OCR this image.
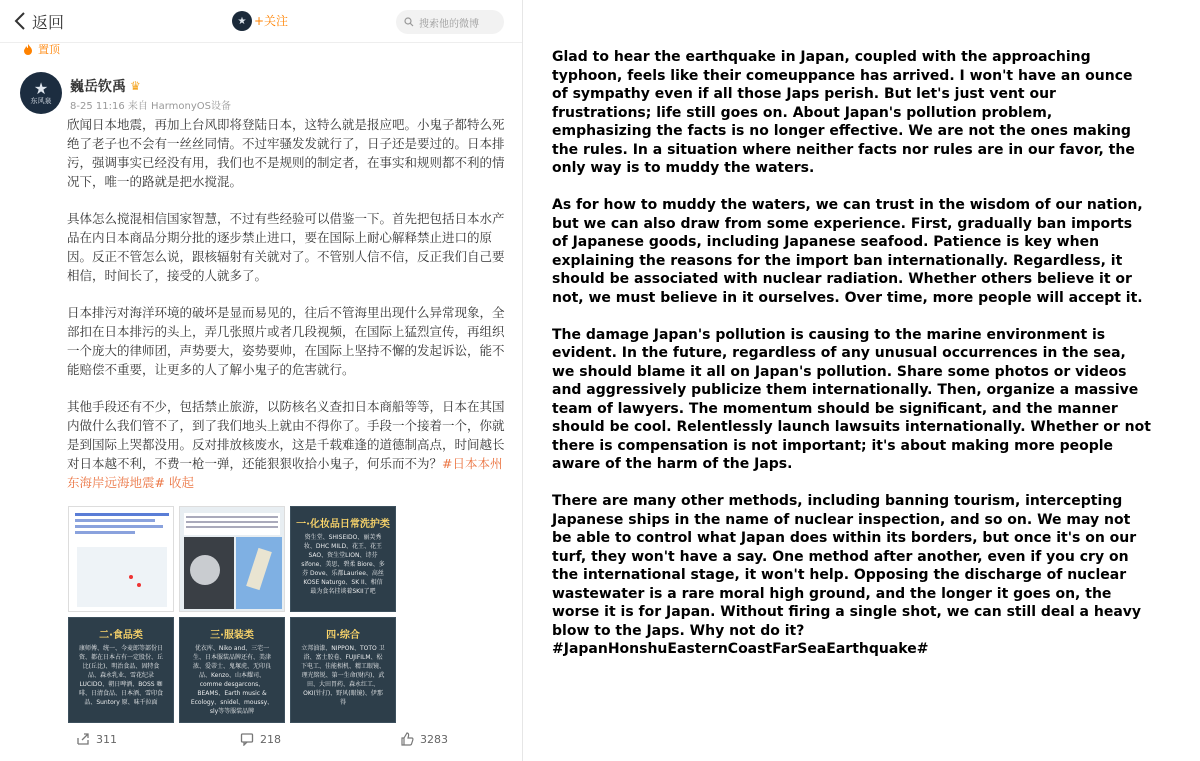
返回	★ +关注	搜索他的微博
置顶
★
东风泉
巍岳钦禹 ♛
8-25 11:16 来自 HarmonyOS设备

欣闻日本地震，再加上台风即将登陆日本，这特么就是报应吧。小鬼子都特么死绝了老子也不会有一丝丝同情。不过牢骚发发就行了，日子还是要过的。日本排污，强调事实已经没有用，我们也不是规则的制定者，在事实和规则都不利的情况下，唯一的路就是把水搅混。

具体怎么搅混相信国家智慧，不过有些经验可以借鉴一下。首先把包括日本水产品在内日本商品分期分批的逐步禁止进口，要在国际上耐心解释禁止进口的原因。反正不管怎么说，跟核辐射有关就对了。不管别人信不信，反正我们自己要相信，时间长了，接受的人就多了。

日本排污对海洋环境的破坏是显而易见的，往后不管海里出现什么异常现象，全部扣在日本排污的头上，弄几张照片或者几段视频，在国际上猛烈宣传，再组织一个庞大的律师团，声势要大，姿势要帅，在国际上坚持不懈的发起诉讼，能不能赔偿不重要，让更多的人了解小鬼子的危害就行。

其他手段还有不少，包括禁止旅游，以防核名义查扣日本商船等等，日本在其国内做什么我们管不了，到了我们地头上就由不得你了。手段一个接着一个，你就是到国际上哭都没用。反对排放核废水，这是千载难逢的道德制高点，时间越长对日本越不利，不费一枪一弹，还能狠狠收拾小鬼子，何乐而不为？#日本本州东海岸远海地震# 收起

一·化妆品日常洗护类
资生堂、SHISEIDO、丽芙秀妆、DHC MILD、花王、花王SAO、资生堂LION、诗芬 sifone、美思、碧柔 Biore、多芬 Dove、乐都Lauriee、高丝KOSE Naturgo、SK II、相信最为食名挂谈着SKII了吧
二·食品类
康师傅、统一、今麦郎等部份日资、都在日本占有一定股份、丘比(丘比)、明治食品、固特食品、森永乳业、雪花纪录 LUCIDO、朝日啤酒、BOSS 咖啡、日清食品、日本酒、雪印食品、Suntory 原、味千拉面
三·服装类
优衣库、Niko and、三宅一生、日本服装品牌还有、美津浓、爱蒂士、鬼塚虎、无印良品、Kenzo、山本耀司、comme desgarcons、BEAMS、Earth music & Ecology、snidel、moussy、sly等等服装品牌
四·综合
立邦油漆、NIPPON、TOTO 卫浴、富士胶卷、FUJIFILM、松下电工、佳能相机、精工眼镜、理光铭锐、第一生命(财内)、武田、大田胃药、森永红工、OKI(针打)、野风(眼镜)、伊那得
311	218	3283

Glad to hear the earthquake in Japan, coupled with the approaching typhoon, feels like their comeuppance has arrived. I won't have an ounce of sympathy even if all those Japs perish. But let's just vent our frustrations; life still goes on. About Japan's pollution problem, emphasizing the facts is no longer effective. We are not the ones making the rules. In a situation where neither facts nor rules are in our favor, the only way is to muddy the waters.

As for how to muddy the waters, we can trust in the wisdom of our nation, but we can also draw from some experience. First, gradually ban imports of Japanese goods, including Japanese seafood. Patience is key when explaining the reasons for the import ban internationally. Regardless, it should be associated with nuclear radiation. Whether others believe it or not, we must believe in it ourselves. Over time, more people will accept it.

The damage Japan's pollution is causing to the marine environment is evident. In the future, regardless of any unusual occurrences in the sea, we should blame it all on Japan's pollution. Share some photos or videos and aggressively publicize them internationally. Then, organize a massive team of lawyers. The momentum should be significant, and the manner should be cool. Relentlessly launch lawsuits internationally. Whether or not there is compensation is not important; it's about making more people aware of the harm of the Japs.

There are many other methods, including banning tourism, intercepting Japanese ships in the name of nuclear inspection, and so on. We may not be able to control what Japan does within its borders, but once it's on our turf, they won't have a say. One method after another, even if you cry on the international stage, it won't help. Opposing the discharge of nuclear wastewater is a rare moral high ground, and the longer it goes on, the worse it is for Japan. Without firing a single shot, we can still deal a heavy blow to the Japs. Why not do it? #JapanHonshuEasternCoastFarSeaEarthquake#
